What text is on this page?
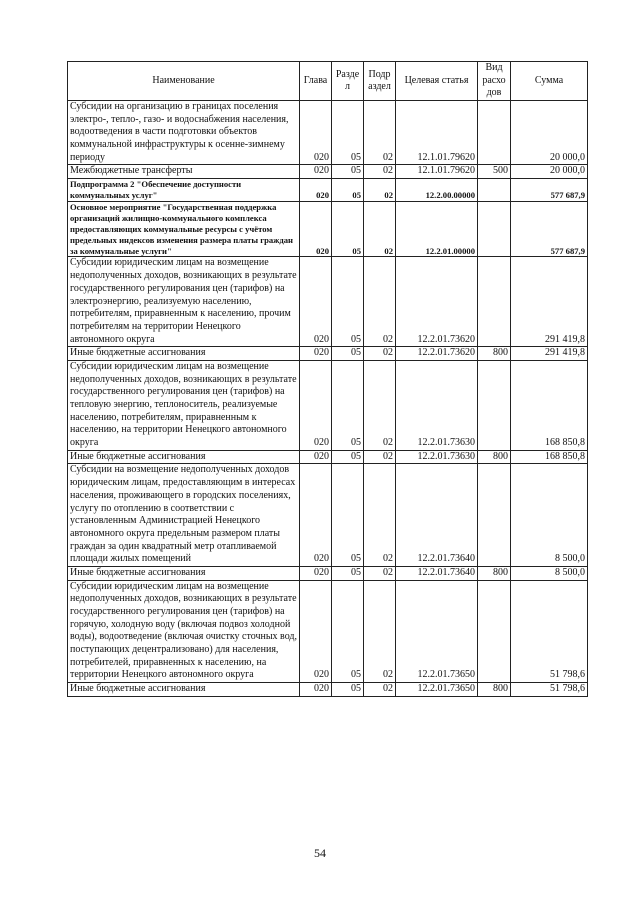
Наименование	Глава	Разде л	Подр аздел	Целевая статья	Вид расхо дов	Сумма
Субсидии на организацию в границах поселения электро-, тепло-, газо- и водоснабжения населения, водоотведения в части подготовки объектов коммунальной инфраструктуры к осенне-зимнему периоду	020	05	02	12.1.01.79620		20 000,0
Межбюджетные трансферты	020	05	02	12.1.01.79620	500	20 000,0
Подпрограмма 2 "Обеспечение доступности коммунальных услуг"	020	05	02	12.2.00.00000		577 687,9
Основное мероприятие "Государственная поддержка организаций жилищно-коммунального комплекса предоставляющих коммунальные ресурсы с учётом предельных индексов изменения размера платы граждан за коммунальные услуги"	020	05	02	12.2.01.00000		577 687,9
Субсидии юридическим лицам на возмещение недополученных доходов, возникающих в результате государственного регулирования цен (тарифов) на электроэнергию, реализуемую населению, потребителям, приравненным к населению, прочим потребителям на территории Ненецкого автономного округа	020	05	02	12.2.01.73620		291 419,8
Иные бюджетные ассигнования	020	05	02	12.2.01.73620	800	291 419,8
Субсидии юридическим лицам на возмещение недополученных доходов, возникающих в результате государственного регулирования цен (тарифов) на тепловую энергию, теплоноситель, реализуемые населению, потребителям, приравненным к населению, на территории Ненецкого автономного округа	020	05	02	12.2.01.73630		168 850,8
Иные бюджетные ассигнования	020	05	02	12.2.01.73630	800	168 850,8
Субсидии на возмещение недополученных доходов юридическим лицам, предоставляющим в интересах населения, проживающего в городских поселениях, услугу по отоплению в соответствии с установленным Администрацией Ненецкого автономного округа предельным размером платы граждан за один квадратный метр отапливаемой площади жилых помещений	020	05	02	12.2.01.73640		8 500,0
Иные бюджетные ассигнования	020	05	02	12.2.01.73640	800	8 500,0
Субсидии юридическим лицам на возмещение недополученных доходов, возникающих в результате государственного регулирования цен (тарифов) на горячую, холодную воду (включая подвоз холодной воды), водоотведение (включая очистку сточных вод, поступающих децентрализовано) для населения, потребителей, приравненных к населению, на территории Ненецкого автономного округа	020	05	02	12.2.01.73650		51 798,6
Иные бюджетные ассигнования	020	05	02	12.2.01.73650	800	51 798,6
54
